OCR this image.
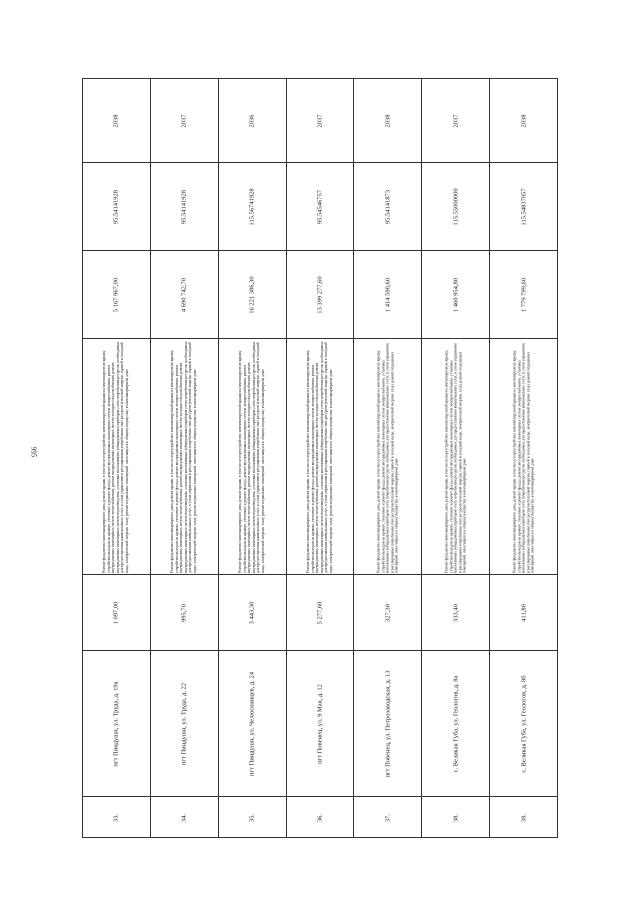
995
2038
95.54141928
5 167 967,00
Ремонт фундамента многоквартирного дома, ремонт крыши, в том числе переустройство невентилируемой крыши на вентилируемую крышу, устройство выходов на кровлю, утепление и ремонт фасада, ремонт внутридомовых инженерных систем электроснабжения, ремонт внутридомовых инженерных систем теплоснабжения, ремонт внутридомовых инженерных систем холодного водоснабжения, ремонт внутридомовых инженерных систем водоотведения, установка коллективных (общедомовых) приборов учета потребления ресурсов, необходимых для предоставления коммунальных услуг, и узлов управления и регулирования потребления этих ресурсов (тепловой энергии, горячей и холодной воды, электрической энергии, газа), ремонт подвальных помещений, относящихся к общему имуществу в многоквартирном доме
1 097,00
пгт Пиндушн, ул. Труда, д. 19а
33.
2037
95.54141928
4 690 742,70
Ремонт фундамента многоквартирного дома, ремонт крыши, в том числе переустройство невентилируемой крыши на вентилируемую крышу, устройство выходов на кровлю, утепление и ремонт фасада, ремонт внутридомовых инженерных систем электроснабжения, ремонт внутридомовых инженерных систем теплоснабжения, ремонт внутридомовых инженерных систем холодного водоснабжения, ремонт внутридомовых инженерных систем водоотведения, установка коллективных (общедомовых) приборов учета потребления ресурсов, необходимых для предоставления коммунальных услуг, и узлов управления и регулирования потребления этих ресурсов (тепловой энергии, горячей и холодной воды, электрической энергии, газа), ремонт подвальных помещений, относящихся к общему имуществу в многоквартирном доме
995,70
пгт Пиндушн, ул. Труда, д. 22
34.
2036
115.56741928
16 221 386,30
Ремонт фундамента многоквартирного дома, ремонт крыши, в том числе переустройство невентилируемой крыши на вентилируемую крышу, устройство выходов на кровлю, утепление и ремонт фасада, ремонт внутридомовых инженерных систем электроснабжения, ремонт внутридомовых инженерных систем теплоснабжения, ремонт внутридомовых инженерных систем холодного водоснабжения, ремонт внутридомовых инженерных систем водоотведения, установка коллективных (общедомовых) приборов учета потребления ресурсов, необходимых для предоставления коммунальных услуг, и узлов управления и регулирования потребления этих ресурсов (тепловой энергии, горячей и холодной воды, электрической энергии, газа), ремонт подвальных помещений, относящихся к общему имуществу в многоквартирном доме
3 443,30
пгт Пиндушн, ул. Челюскинцев, д. 24
35.
2037
95.54546757
13 399 277,60
Ремонт фундамента многоквартирного дома, ремонт крыши, в том числе переустройство невентилируемой крыши на вентилируемую крышу, устройство выходов на кровлю, утепление и ремонт фасада, ремонт внутридомовых инженерных систем электроснабжения, ремонт внутридомовых инженерных систем теплоснабжения, ремонт внутридомовых инженерных систем холодного водоснабжения, ремонт внутридомовых инженерных систем водоотведения, установка коллективных (общедомовых) приборов учета потребления ресурсов, необходимых для предоставления коммунальных услуг, и узлов управления и регулирования потребления этих ресурсов (тепловой энергии, горячей и холодной воды, электрической энергии, газа), ремонт подвальных помещений, относящихся к общему имуществу в многоквартирном доме
5 277,60
пгт Повенец, ул. 9 Мая, д. 12
36.
2038
95.54141873
1 414 590,60
Ремонт фундамента многоквартирного дома, ремонт крыши, в том числе переустройство невентилируемой крыши на вентилируемую крышу, устройство выходов на кровлю, утепление и ремонт фасада, ремонт внутридомовых инженерных систем электроснабжения, установка коллективных (общедомовых) приборов учета потребления ресурсов, необходимых для предоставления коммунальных услуг, и узлов управления и регулирования потребления этих ресурсов (тепловой энергии, горячей и холодной воды, электрической энергии, газа), ремонт подвальных помещений, относящихся к общему имуществу в многоквартирном доме
327,30
пгт Повенец, ул. Петрозаводская, д. 13
37.
2037
115.55000000
1 460 954,80
Ремонт фундамента многоквартирного дома, ремонт крыши, в том числе переустройство невентилируемой крыши на вентилируемую крышу, устройство выходов на кровлю, утепление и ремонт фасада, ремонт внутридомовых инженерных систем электроснабжения, установка коллективных (общедомовых) приборов учета потребления ресурсов, необходимых для предоставления коммунальных услуг, и узлов управления и регулирования потребления этих ресурсов (тепловой энергии, горячей и холодной воды, электрической энергии, газа), ремонт подвальных помещений, относящихся к общему имуществу в многоквартирном доме
333,40
с. Великая Губа, ул. Геологов, д. 8а
38.
2038
115.54837057
1 779 799,60
Ремонт фундамента многоквартирного дома, ремонт крыши, в том числе переустройство невентилируемой крыши на вентилируемую крышу, устройство выходов на кровлю, утепление и ремонт фасада, ремонт внутридомовых инженерных систем электроснабжения, установка коллективных (общедомовых) приборов учета потребления ресурсов, необходимых для предоставления коммунальных услуг, и узлов управления и регулирования потребления этих ресурсов (тепловой энергии, горячей и холодной воды, электрической энергии, газа), ремонт подвальных помещений, относящихся к общему имуществу в многоквартирном доме
411,80
с. Великая Губа, ул. Геологов, д. 8б
39.
